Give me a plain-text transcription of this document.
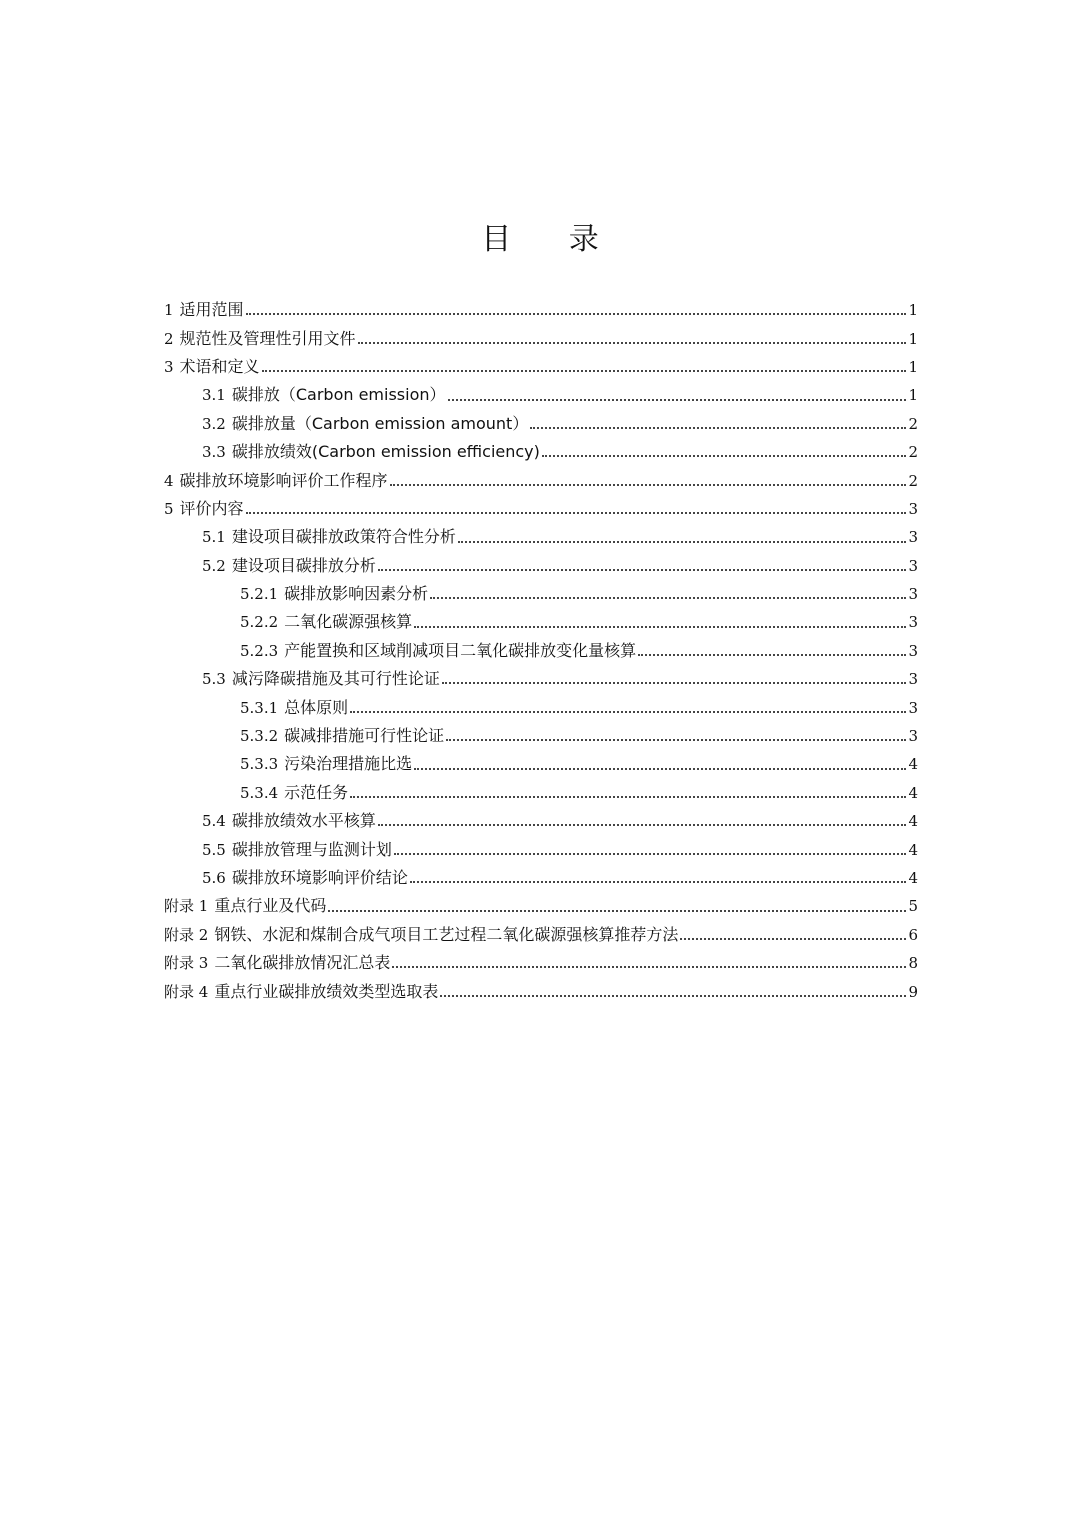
目 录
1 适用范围	1
2 规范性及管理性引用文件	1
3 术语和定义	1
3.1 碳排放（Carbon emission）	1
3.2 碳排放量（Carbon emission amount）	2
3.3 碳排放绩效(Carbon emission efficiency)	2
4 碳排放环境影响评价工作程序	2
5 评价内容	3
5.1 建设项目碳排放政策符合性分析	3
5.2 建设项目碳排放分析	3
5.2.1 碳排放影响因素分析	3
5.2.2 二氧化碳源强核算	3
5.2.3 产能置换和区域削减项目二氧化碳排放变化量核算	3
5.3 减污降碳措施及其可行性论证	3
5.3.1 总体原则	3
5.3.2 碳减排措施可行性论证	3
5.3.3 污染治理措施比选	4
5.3.4 示范任务	4
5.4 碳排放绩效水平核算	4
5.5 碳排放管理与监测计划	4
5.6 碳排放环境影响评价结论	4
附录 1 重点行业及代码	5
附录 2 钢铁、水泥和煤制合成气项目工艺过程二氧化碳源强核算推荐方法	6
附录 3 二氧化碳排放情况汇总表	8
附录 4 重点行业碳排放绩效类型选取表	9
